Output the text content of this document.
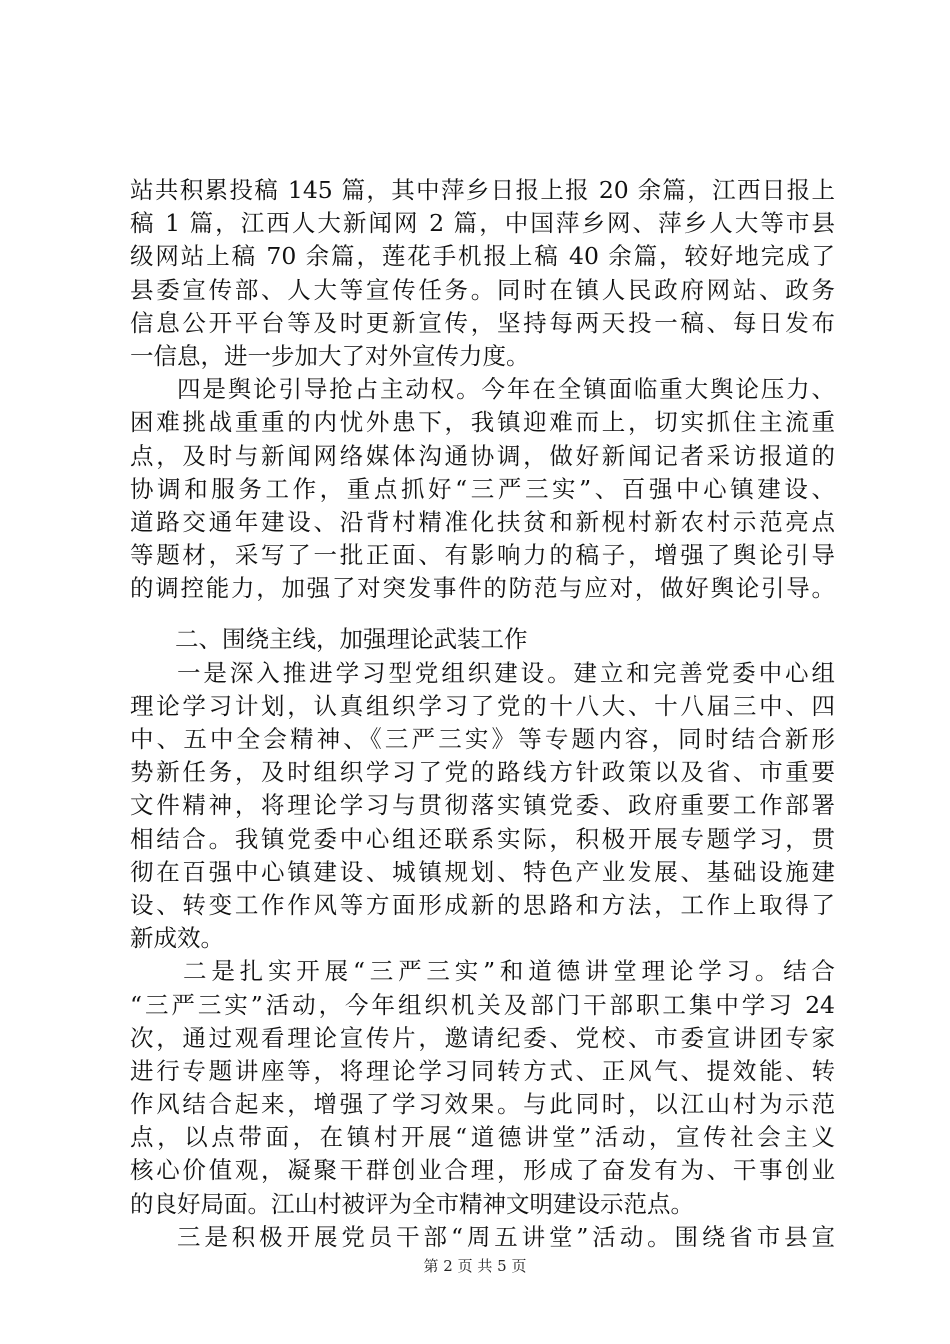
站共积累投稿 145 篇，其中萍乡日报上报 20 余篇，江西日报上
稿 1 篇，江西人大新闻网 2 篇，中国萍乡网、萍乡人大等市县
级网站上稿 70 余篇，莲花手机报上稿 40 余篇，较好地完成了
县委宣传部、人大等宣传任务。同时在镇人民政府网站、政务
信息公开平台等及时更新宣传，坚持每两天投一稿、每日发布
一信息，进一步加大了对外宣传力度。
四是舆论引导抢占主动权。今年在全镇面临重大舆论压力、
困难挑战重重的内忧外患下，我镇迎难而上，切实抓住主流重
点，及时与新闻网络媒体沟通协调，做好新闻记者采访报道的
协调和服务工作，重点抓好“三严三实”、百强中心镇建设、
道路交通年建设、沿背村精准化扶贫和新枧村新农村示范亮点
等题材，采写了一批正面、有影响力的稿子，增强了舆论引导
的调控能力，加强了对突发事件的防范与应对，做好舆论引导。
二、围绕主线，加强理论武装工作
一是深入推进学习型党组织建设。建立和完善党委中心组
理论学习计划，认真组织学习了党的十八大、十八届三中、四
中、五中全会精神、《三严三实》等专题内容，同时结合新形
势新任务，及时组织学习了党的路线方针政策以及省、市重要
文件精神，将理论学习与贯彻落实镇党委、政府重要工作部署
相结合。我镇党委中心组还联系实际，积极开展专题学习，贯
彻在百强中心镇建设、城镇规划、特色产业发展、基础设施建
设、转变工作作风等方面形成新的思路和方法，工作上取得了
新成效。
二是扎实开展“三严三实”和道德讲堂理论学习。结合
“三严三实”活动，今年组织机关及部门干部职工集中学习 24
次，通过观看理论宣传片，邀请纪委、党校、市委宣讲团专家
进行专题讲座等，将理论学习同转方式、正风气、提效能、转
作风结合起来，增强了学习效果。与此同时，以江山村为示范
点，以点带面，在镇村开展“道德讲堂”活动，宣传社会主义
核心价值观，凝聚干群创业合理，形成了奋发有为、干事创业
的良好局面。江山村被评为全市精神文明建设示范点。
三是积极开展党员干部“周五讲堂”活动。围绕省市县宣
第 2 页 共 5 页
